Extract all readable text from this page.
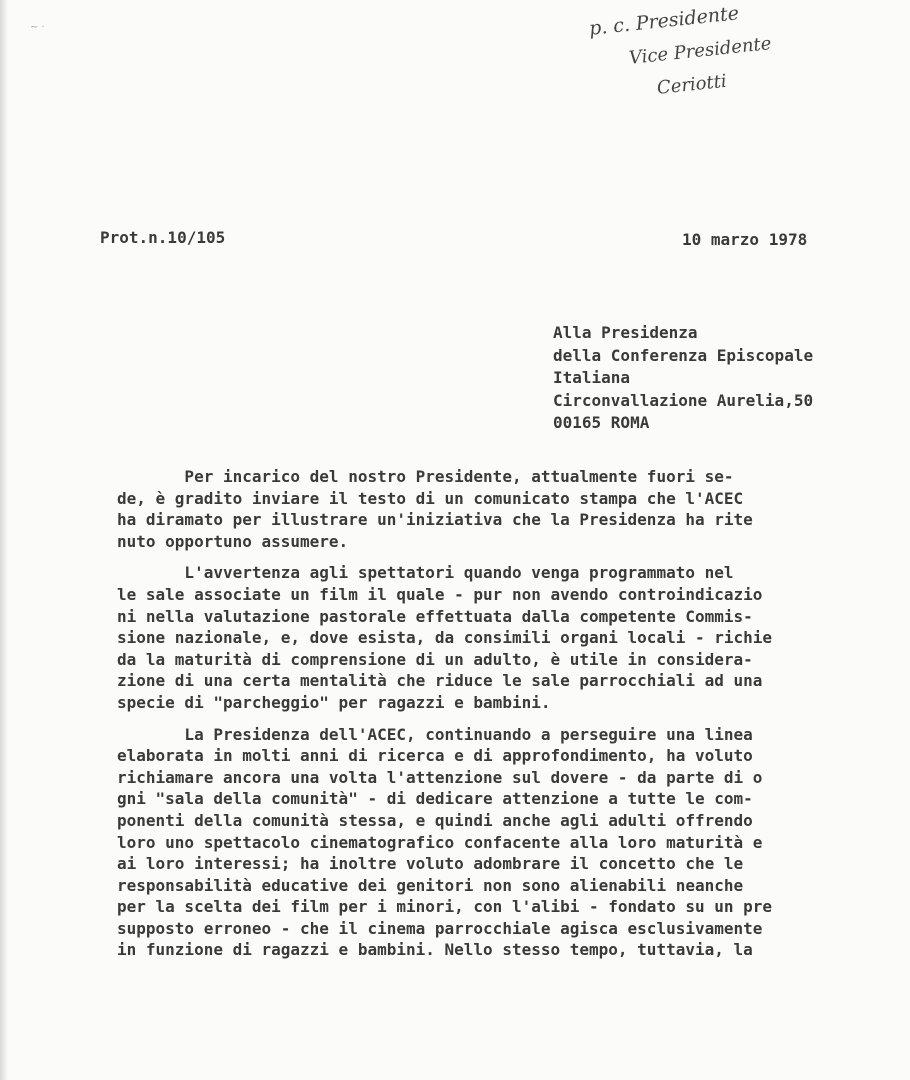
~ ·	p. c. Presidente
Vice Presidente
Ceriotti
Prot.n.10/105	10 marzo 1978
Alla Presidenza
della Conferenza Episcopale
Italiana
Circonvallazione Aurelia,50
00165 ROMA
Per incarico del nostro Presidente, attualmente fuori se-
de, è gradito inviare il testo di un comunicato stampa che l'ACEC
ha diramato per illustrare un'iniziativa che la Presidenza ha rite
nuto opportuno assumere.
L'avvertenza agli spettatori quando venga programmato nel
le sale associate un film il quale - pur non avendo controindicazio
ni nella valutazione pastorale effettuata dalla competente Commis-
sione nazionale, e, dove esista, da consimili organi locali - richie
da la maturità di comprensione di un adulto, è utile in considera-
zione di una certa mentalità che riduce le sale parrocchiali ad una
specie di "parcheggio" per ragazzi e bambini.
La Presidenza dell'ACEC, continuando a perseguire una linea
elaborata in molti anni di ricerca e di approfondimento, ha voluto
richiamare ancora una volta l'attenzione sul dovere - da parte di o
gni "sala della comunità" - di dedicare attenzione a tutte le com-
ponenti della comunità stessa, e quindi anche agli adulti offrendo
loro uno spettacolo cinematografico confacente alla loro maturità e
ai loro interessi; ha inoltre voluto adombrare il concetto che le
responsabilità educative dei genitori non sono alienabili neanche
per la scelta dei film per i minori, con l'alibi - fondato su un pre
supposto erroneo - che il cinema parrocchiale agisca esclusivamente
in funzione di ragazzi e bambini. Nello stesso tempo, tuttavia, la
